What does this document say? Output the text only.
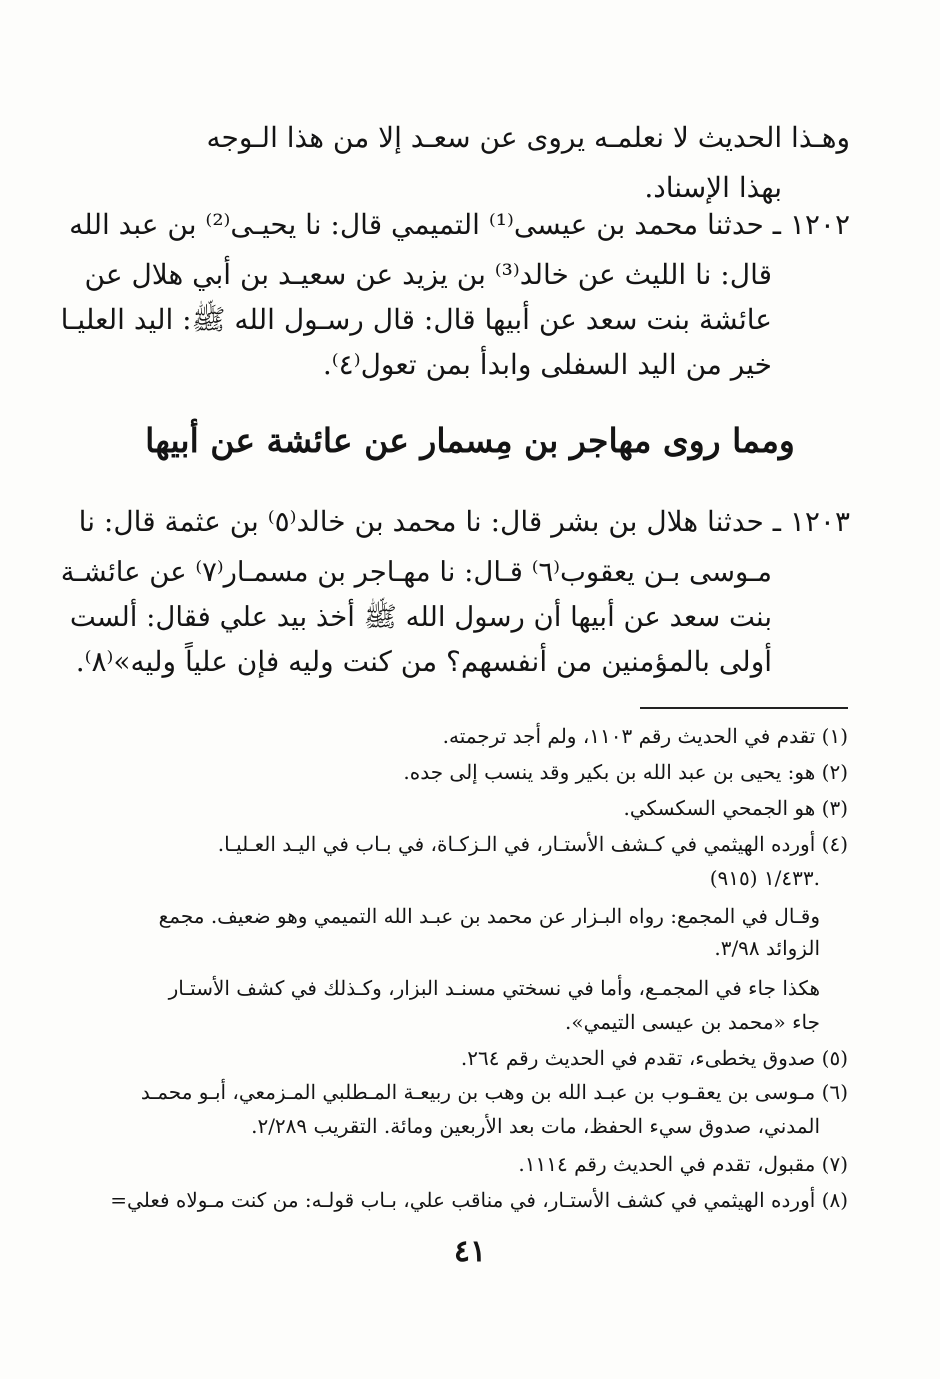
وهـذا الحديث لا نعلمـه يروى عن سعـد إلا من هذا الـوجه
بهذا الإسناد.
١٢٠٢ ـ حدثنا محمد بن عيسى⁽¹⁾ التميمي قال: نا يحيـى⁽²⁾ بن عبد الله
قال: نا الليث عن خالد⁽³⁾ بن يزيد عن سعيـد بن أبي هلال عن
عائشة بنت سعد عن أبيها قال: قال رسـول الله ﷺ: اليد العليـا
خير من اليد السفلى وابدأ بمن تعول⁽٤⁾.
ومما روى مهاجر بن مِسمار عن عائشة عن أبيها
١٢٠٣ ـ حدثنا هلال بن بشر قال: نا محمد بن خالد⁽٥⁾ بن عثمة قال: نا
مـوسى بـن يعقوب⁽٦⁾ قـال: نا مهـاجر بن مسمـار⁽٧⁾ عن عائشـة
بنت سعد عن أبيها أن رسول الله ﷺ أخذ بيد علي فقال: ألست
أولى بالمؤمنين من أنفسهم؟ من كنت وليه فإن علياً وليه»⁽٨⁾.
(١) تقدم في الحديث رقم ١١٠٣، ولم أجد ترجمته.
(٢) هو: يحيى بن عبد الله بن بكير وقد ينسب إلى جده.
(٣) هو الجمحي السكسكي.
(٤) أورده الهيثمي في كـشف الأستـار، في الـزكـاة، في بـاب في اليـد العـليـا.
١/٤٣٣ (٩١٥).
وقـال في المجمع: رواه البـزار عن محمد بن عبـد الله التميمي وهو ضعيف. مجمع
الزوائد ٣/٩٨.
هكذا جاء في المجمـع، وأما في نسختي مسنـد البزار، وكـذلك في كشف الأستـار
جاء «محمد بن عيسى التيمي».
(٥) صدوق يخطىء، تقدم في الحديث رقم ٢٦٤.
(٦) مـوسى بن يعقـوب بن عبـد الله بن وهب بن ربيعـة المـطلبي المـزمعي، أبـو محمـد
المدني، صدوق سيء الحفظ، مات بعد الأربعين ومائة. التقريب ٢/٢٨٩.
(٧) مقبول، تقدم في الحديث رقم ١١١٤.
(٨) أورده الهيثمي في كشف الأستـار، في مناقب علي، بـاب قولـه: من كنت مـولاه فعلي=
٤١
